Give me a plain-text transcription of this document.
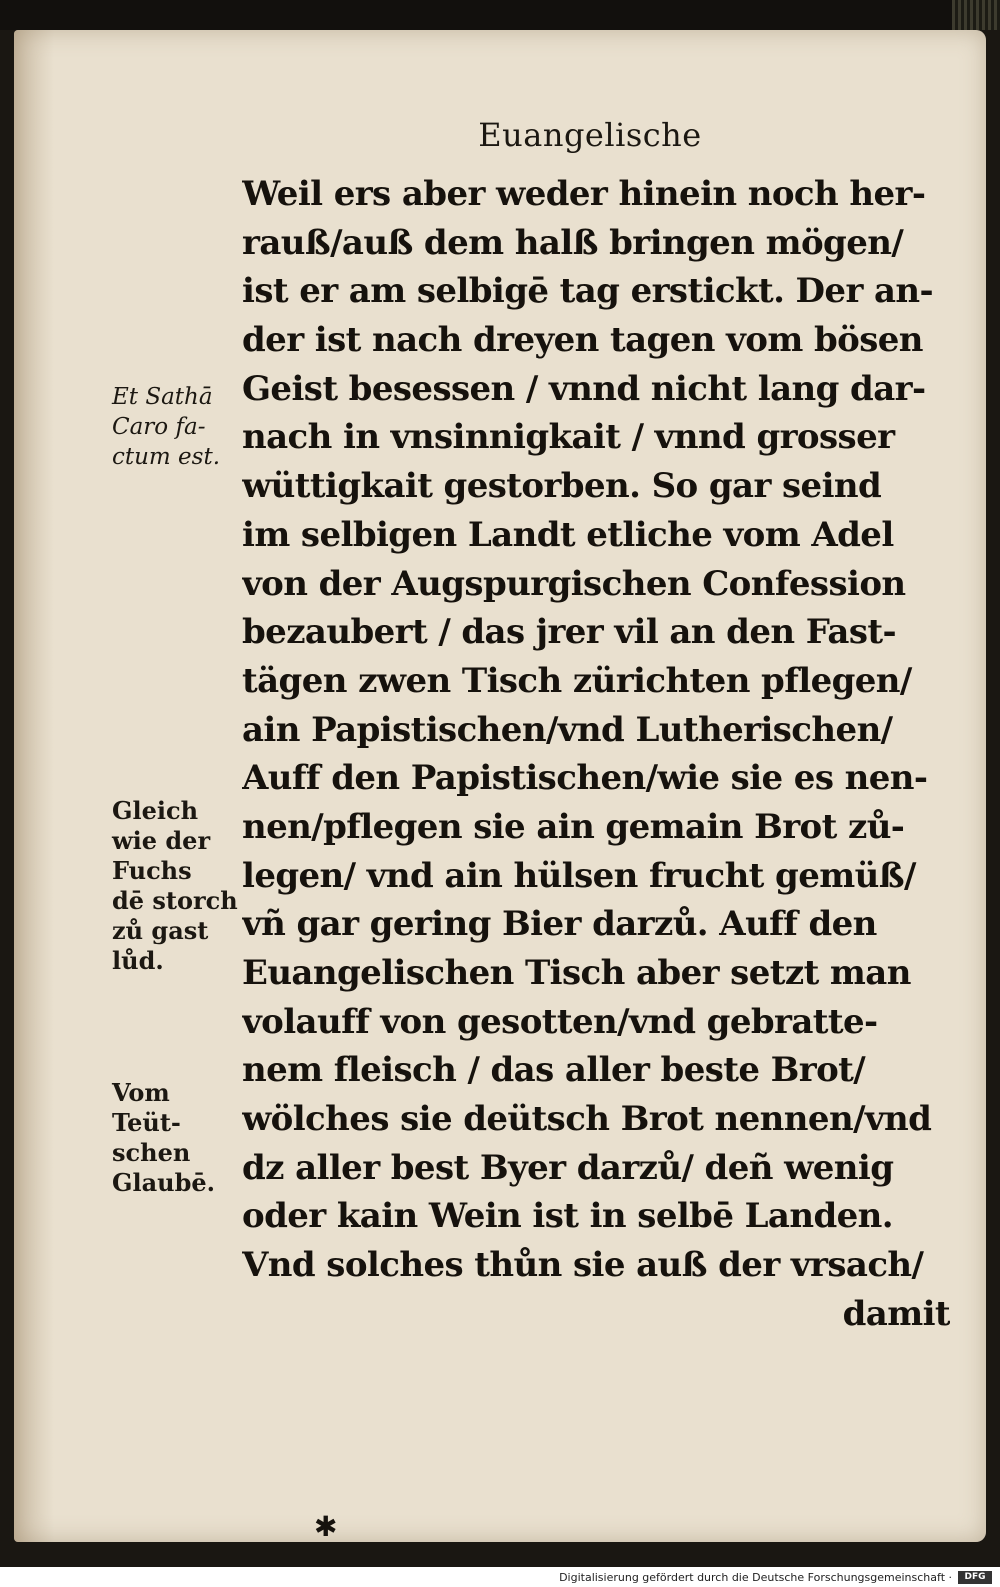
Euangelische
Weil ers aber weder hinein noch her-
rauß/auß dem halß bringen mögen/
ist er am selbigē tag erstickt. Der an-
der ist nach dreyen tagen vom bösen
Geist besessen / vnnd nicht lang dar-
nach in vnsinnigkait / vnnd grosser
wüttigkait gestorben. So gar seind
im selbigen Landt etliche vom Adel
von der Augspurgischen Confession
bezaubert / das jrer vil an den Fast-
tägen zwen Tisch zürichten pflegen/
ain Papistischen/vnd Lutherischen/
Auff den Papistischen/wie sie es nen-
nen/pflegen sie ain gemain Brot zů-
legen/ vnd ain hülsen frucht gemüß/
vñ gar gering Bier darzů. Auff den
Euangelischen Tisch aber setzt man
volauff von gesotten/vnd gebratte-
nem fleisch / das aller beste Brot/
wölches sie deütsch Brot nennen/vnd
dz aller best Byer darzů/ deñ wenig
oder kain Wein ist in selbē Landen.
Vnd solches thůn sie auß der vrsach/
damit
Et Sathā
Caro fa-
ctum est.
Gleich
wie der
Fuchs
dē storch
zů gast
lůd.
Vom
Teüt-
schen
Glaubē.
✱
Digitalisierung gefördert durch die Deutsche Forschungsgemeinschaft ·	DFG
